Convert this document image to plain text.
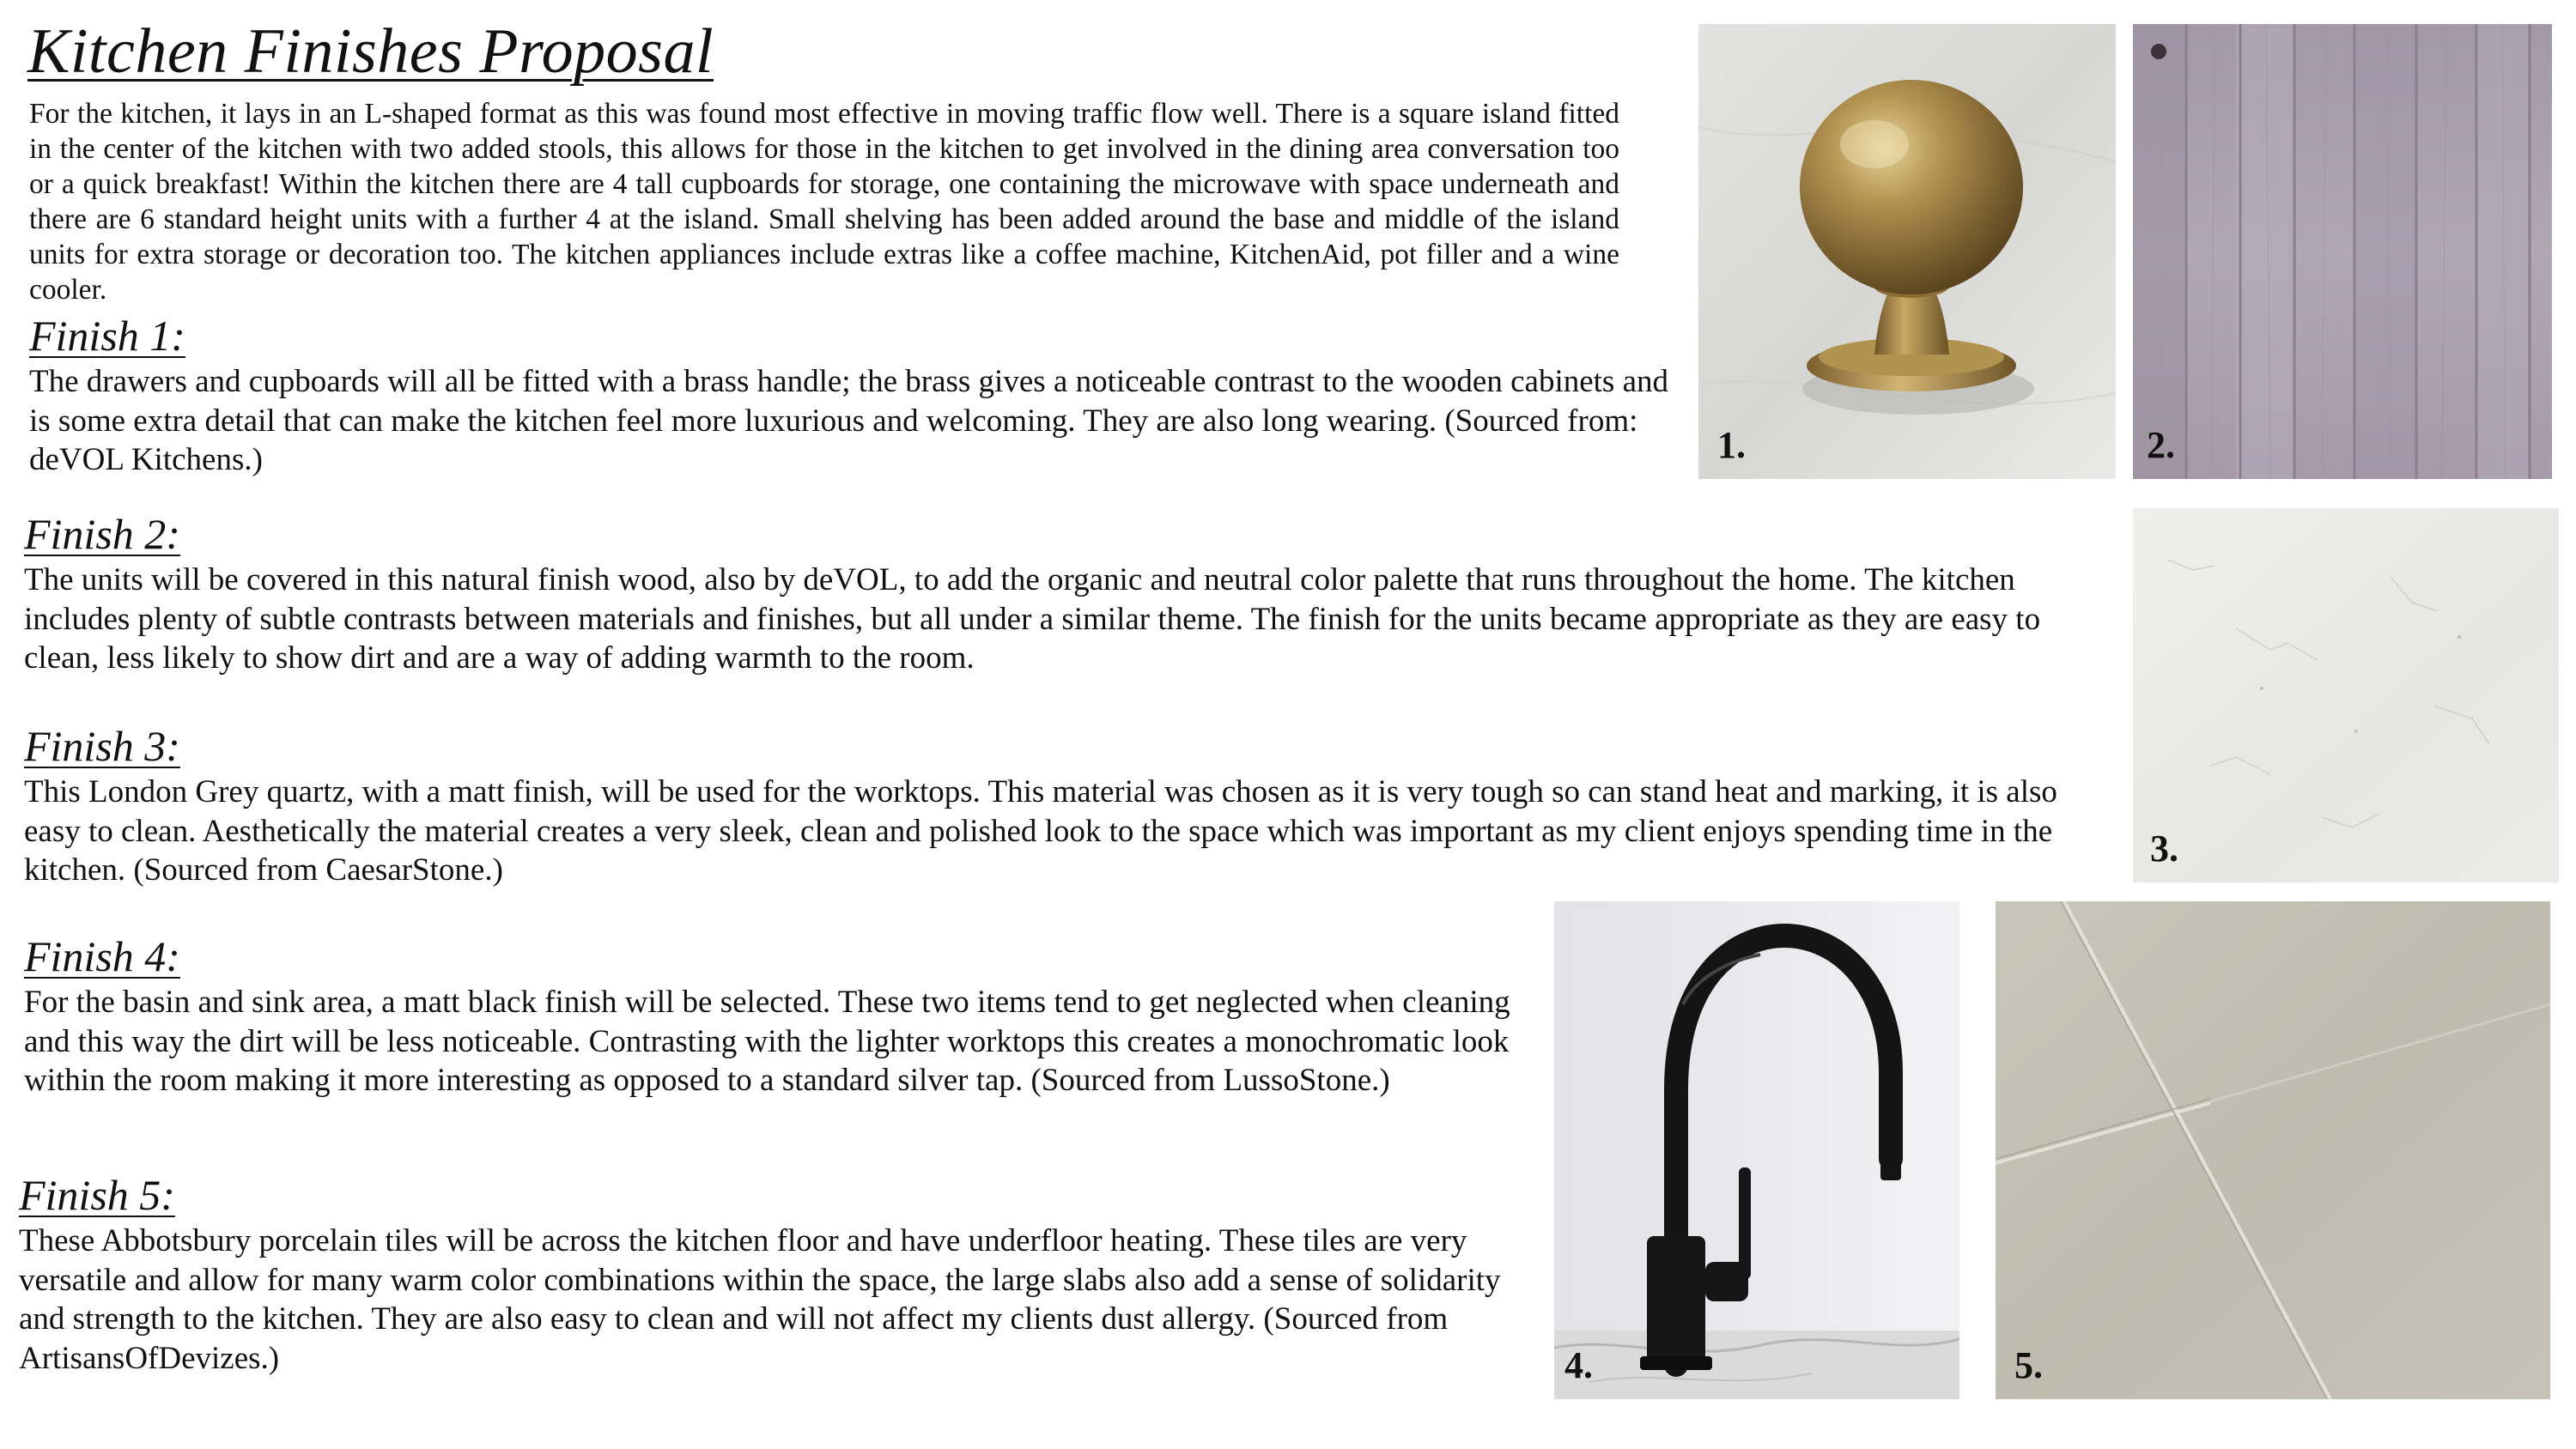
Kitchen Finishes Proposal

For the kitchen, it lays in an L-shaped format as this was found most effective in moving traffic flow well. There is a square island fitted in the center of the kitchen with two added stools, this allows for those in the kitchen to get involved in the dining area conversation too or a quick breakfast! Within the kitchen there are 4 tall cupboards for storage, one containing the microwave with space underneath and there are 6 standard height units with a further 4 at the island. Small shelving has been added around the base and middle of the island units for extra storage or decoration too. The kitchen appliances include extras like a coffee machine, KitchenAid, pot filler and a wine cooler.

Finish 1:

The drawers and cupboards will all be fitted with a brass handle; the brass gives a noticeable contrast to the wooden cabinets and is some extra detail that can make the kitchen feel more luxurious and welcoming. They are also long wearing. (Sourced from: deVOL Kitchens.)

Finish 2:

The units will be covered in this natural finish wood, also by deVOL, to add the organic and neutral color palette that runs throughout the home. The kitchen includes plenty of subtle contrasts between materials and finishes, but all under a similar theme. The finish for the units became appropriate as they are easy to clean, less likely to show dirt and are a way of adding warmth to the room.

Finish 3:

This London Grey quartz, with a matt finish, will be used for the worktops. This material was chosen as it is very tough so can stand heat and marking, it is also easy to clean. Aesthetically the material creates a very sleek, clean and polished look to the space which was important as my client enjoys spending time in the kitchen. (Sourced from CaesarStone.)

Finish 4:

For the basin and sink area, a matt black finish will be selected. These two items tend to get neglected when cleaning and this way the dirt will be less noticeable. Contrasting with the lighter worktops this creates a monochromatic look within the room making it more interesting as opposed to a standard silver tap. (Sourced from LussoStone.)

Finish 5:

These Abbotsbury porcelain tiles will be across the kitchen floor and have underfloor heating. These tiles are very versatile and allow for many warm color combinations within the space, the large slabs also add a sense of solidarity and strength to the kitchen. They are also easy to clean and will not affect my clients dust allergy. (Sourced from ArtisansOfDevizes.)

1.	2.
3.
4.	5.
